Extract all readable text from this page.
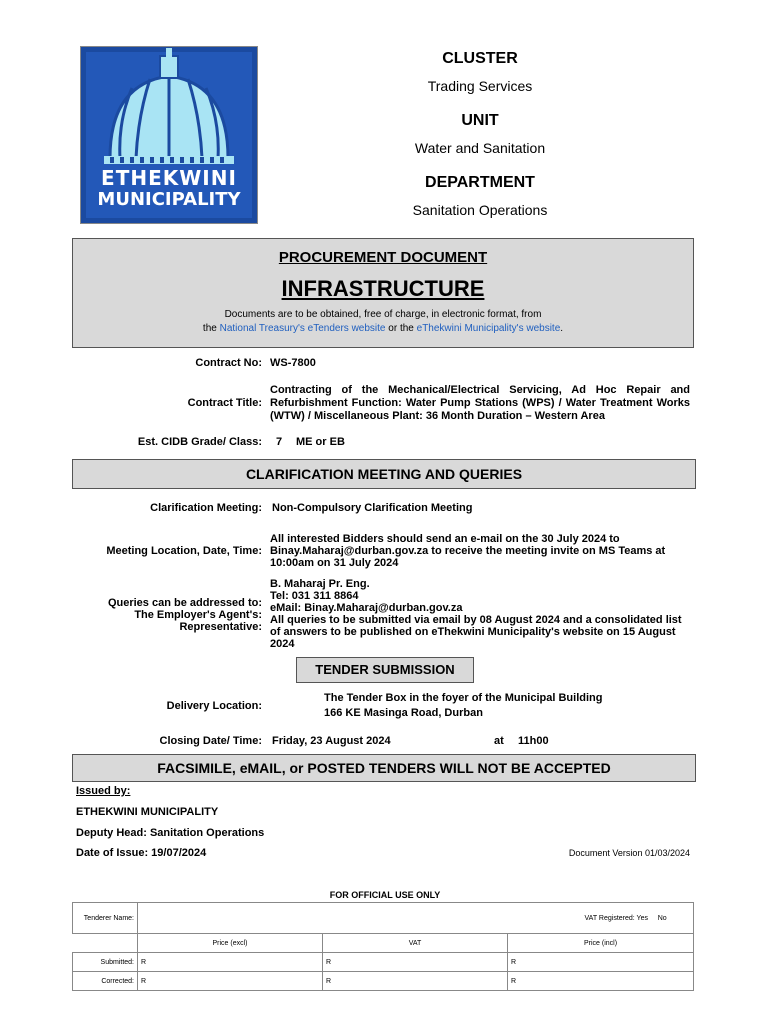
ETHEKWINI
MUNICIPALITY
CLUSTER
Trading Services
UNIT
Water and Sanitation
DEPARTMENT
Sanitation Operations
PROCUREMENT DOCUMENT
INFRASTRUCTURE
Documents are to be obtained, free of charge, in electronic format, from
the National Treasury's eTenders website or the eThekwini Municipality's website.
Contract No: WS-7800
Contract Title:
Contracting of the Mechanical/Electrical Servicing, Ad Hoc Repair and Refurbishment Function: Water Pump Stations (WPS) / Water Treatment Works (WTW) / Miscellaneous Plant: 36 Month Duration – Western Area
Est. CIDB Grade/ Class: 7 ME or EB
CLARIFICATION MEETING AND QUERIES
Clarification Meeting: Non-Compulsory Clarification Meeting
Meeting Location, Date, Time:
All interested Bidders should send an e-mail on the 30 July 2024 to Binay.Maharaj@durban.gov.za to receive the meeting invite on MS Teams at 10:00am on 31 July 2024
Queries can be addressed to:
The Employer's Agent's:
Representative:
B. Maharaj Pr. Eng.
Tel: 031 311 8864
eMail: Binay.Maharaj@durban.gov.za
All queries to be submitted via email by 08 August 2024 and a consolidated list of answers to be published on eThekwini Municipality's website on 15 August 2024
TENDER SUBMISSION
Delivery Location:
The Tender Box in the foyer of the Municipal Building
166 KE Masinga Road, Durban
Closing Date/ Time: Friday, 23 August 2024	at 11h00
FACSIMILE, eMAIL, or POSTED TENDERS WILL NOT BE ACCEPTED
Issued by:
ETHEKWINI MUNICIPALITY
Deputy Head: Sanitation Operations
Date of Issue: 19/07/2024	Document Version 01/03/2024
FOR OFFICIAL USE ONLY
Tenderer Name:	VAT Registered: Yes No		

	Price (excl)	VAT	Price (incl)
Submitted:	R	R	R
Corrected:	R	R	R
